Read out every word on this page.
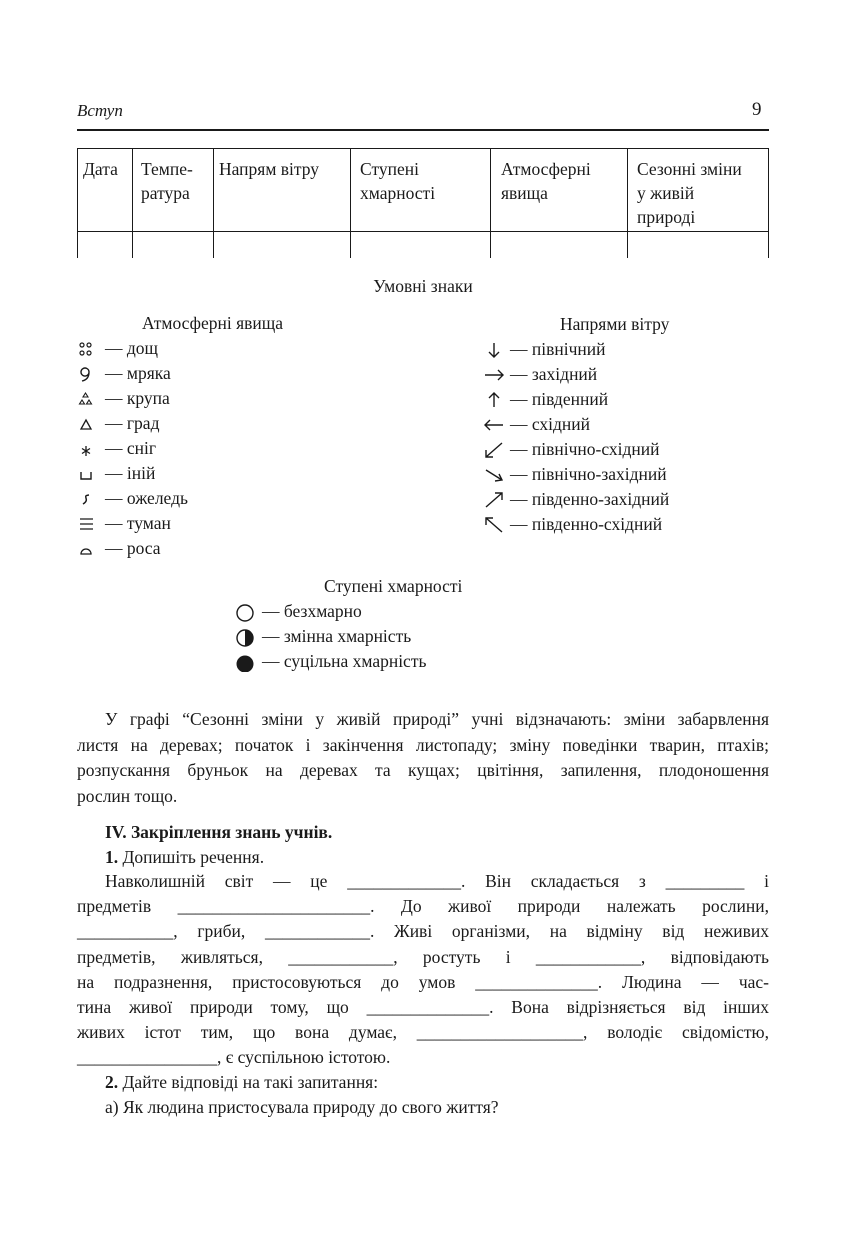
Вступ	9
Дата Темпе-
ратура
Напрям вітру Ступені
хмарності
Атмосферні
явища
Сезонні зміни
у живій
природі
Умовні знаки
Атмосферні явища
— дощ
— мряка
— крупа
— град
— сніг
— іній
— ожеледь
— туман
— роса
Напрями вітру
— північний
— західний
— південний
— східний
— північно-східний
— північно-західний
— південно-західний
— південно-східний
Ступені хмарності
— безхмарно
— змінна хмарність
— суцільна хмарність
У графі “Сезонні зміни у живій природі” учні відзначають: зміни забарвлення
листя на деревах; початок і закінчення листопаду; зміну поведінки тварин, птахів;
розпускання бруньок на деревах та кущах; цвітіння, запилення, плодоношення
рослин тощо.
IV. Закріплення знань учнів.
1. Допишіть речення.
Навколишній світ — це _____________. Він складається з _________ і
предметів ______________________. До живої природи належать рослини,
___________, гриби, ____________. Живі організми, на відміну від неживих
предметів, живляться, ____________, ростуть і ____________, відповідають
на подразнення, пристосовуються до умов ______________. Людина — час-
тина живої природи тому, що ______________. Вона відрізняється від інших
живих істот тим, що вона думає, ___________________, володіє свідомістю,
________________, є суспільною істотою.
2. Дайте відповіді на такі запитання:
а) Як людина пристосувала природу до свого життя?
